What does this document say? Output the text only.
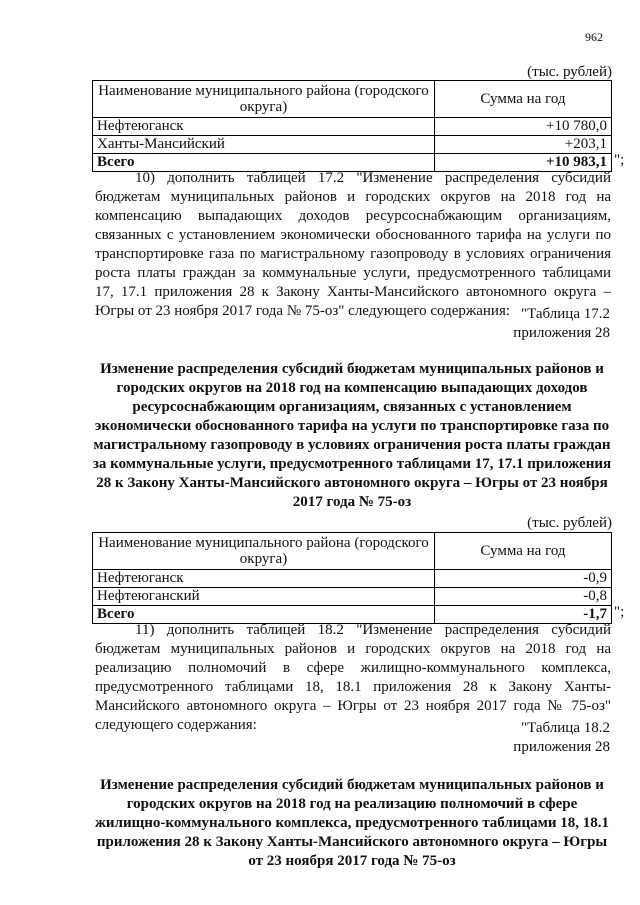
962
(тыс. рублей)
Наименование муниципального района (городского округа)	Сумма на год
Нефтеюганск	+10 780,0
Ханты-Мансийский	+203,1
Всего	+10 983,1 ";

10) дополнить таблицей 17.2 "Изменение распределения субсидий бюджетам муниципальных районов и городских округов на 2018 год на компенсацию выпадающих доходов ресурсоснабжающим организациям, связанных с установлением экономически обоснованного тарифа на услуги по транспортировке газа по магистральному газопроводу в условиях ограничения роста платы граждан за коммунальные услуги, предусмотренного таблицами 17, 17.1 приложения 28 к Закону Ханты-Мансийского автономного округа – Югры от 23 ноября 2017 года № 75-оз" следующего содержания: "Таблица 17.2
приложения 28
Изменение распределения субсидий бюджетам муниципальных районов и городских округов на 2018 год на компенсацию выпадающих доходов ресурсоснабжающим организациям, связанных с установлением экономически обоснованного тарифа на услуги по транспортировке газа по магистральному газопроводу в условиях ограничения роста платы граждан за коммунальные услуги, предусмотренного таблицами 17, 17.1 приложения 28 к Закону Ханты-Мансийского автономного округа – Югры от 23 ноября 2017 года № 75-оз
(тыс. рублей)
Наименование муниципального района (городского округа)	Сумма на год
Нефтеюганск	-0,9
Нефтеюганский	-0,8
Всего	-1,7 ";

11) дополнить таблицей 18.2 "Изменение распределения субсидий бюджетам муниципальных районов и городских округов на 2018 год на реализацию полномочий в сфере жилищно-коммунального комплекса, предусмотренного таблицами 18, 18.1 приложения 28 к Закону Ханты-Мансийского автономного округа – Югры от 23 ноября 2017 года № 75-оз" следующего содержания:	"Таблица 18.2
приложения 28
Изменение распределения субсидий бюджетам муниципальных районов и городских округов на 2018 год на реализацию полномочий в сфере жилищно-коммунального комплекса, предусмотренного таблицами 18, 18.1 приложения 28 к Закону Ханты-Мансийского автономного округа – Югры от 23 ноября 2017 года № 75-оз
